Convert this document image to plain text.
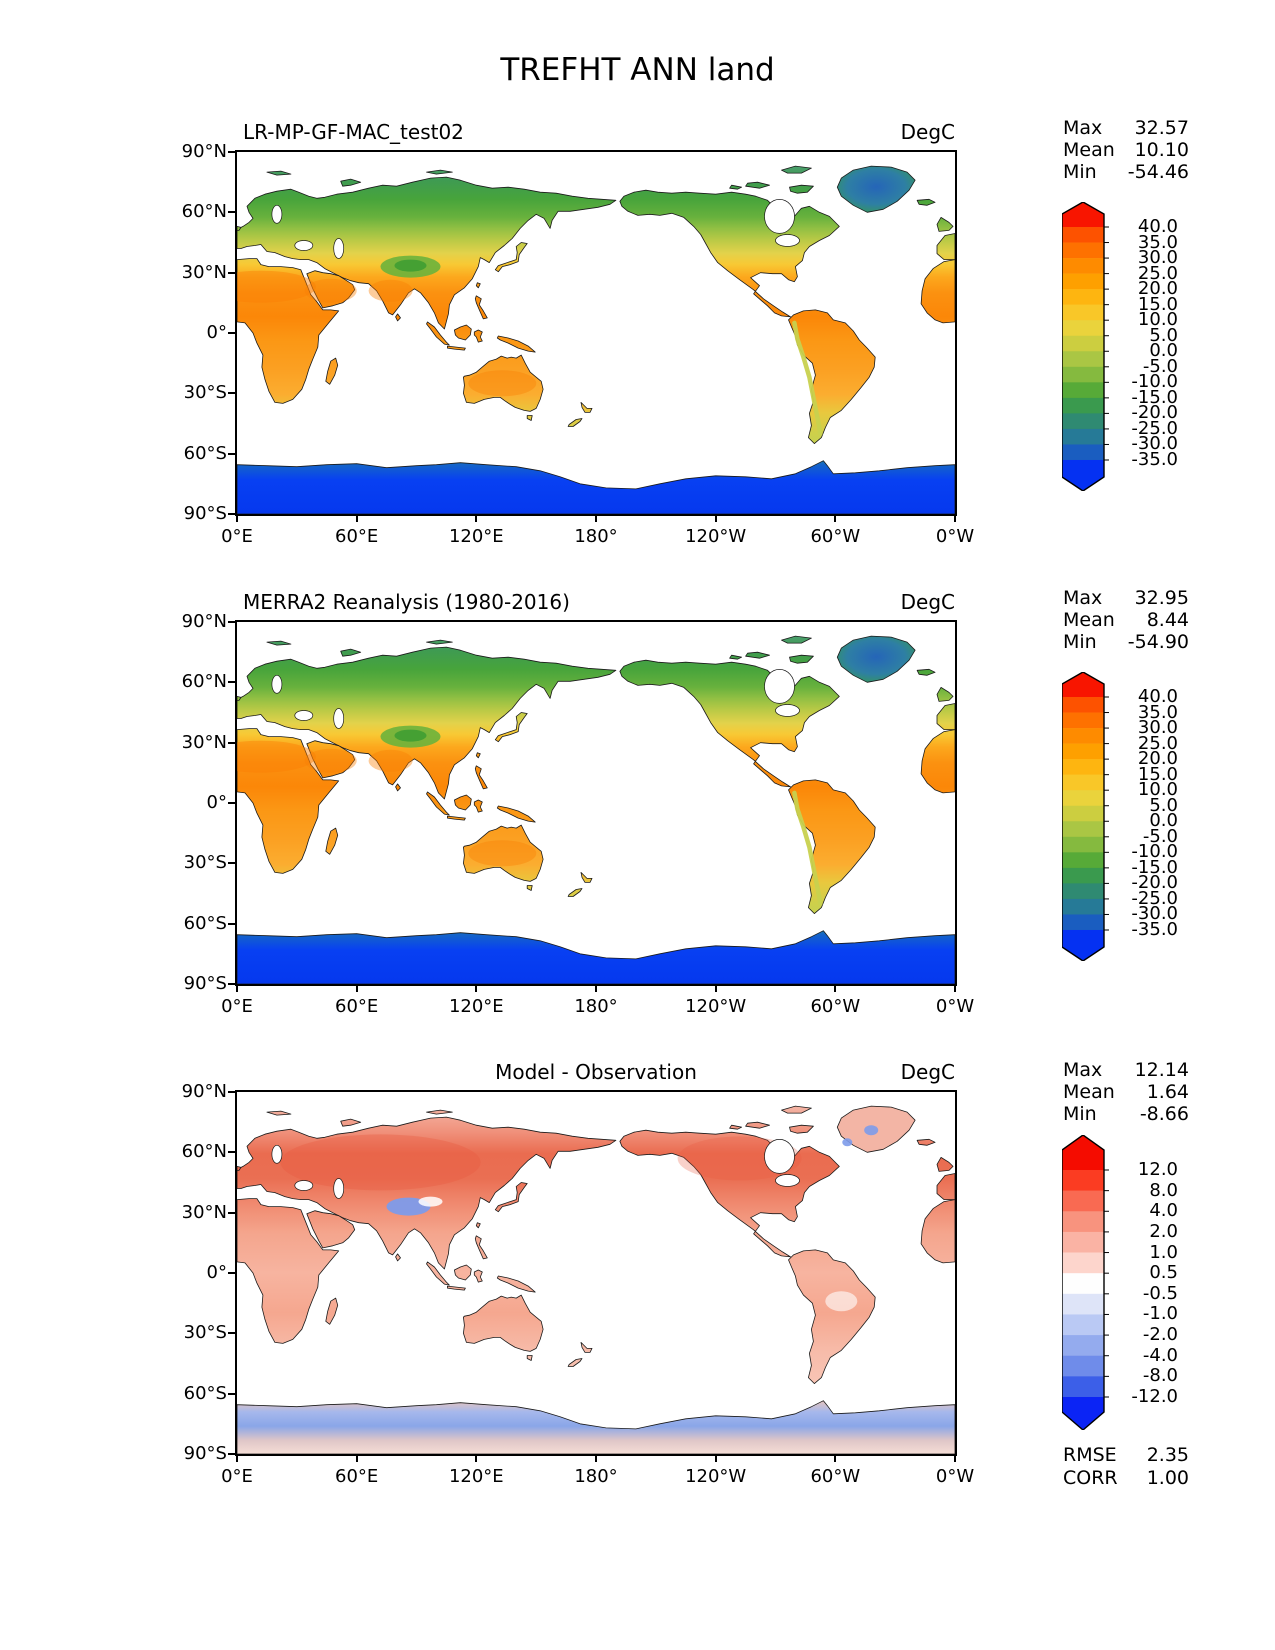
TREFHT ANN land
LR-MP-GF-MAC_test02	DegC	Max 32.57
Mean 10.10
Min -54.46
MERRA2 Reanalysis (1980-2016)	DegC	Max 32.95
Mean 8.44
Min -54.90
Model - Observation	DegC	Max 12.14
Mean 1.64
Min -8.66
RMSE 2.35
CORR 1.00
90°N
0°E
60°N
60°E
30°N
120°E
0°
180°
30°S
120°W
60°S
60°W
90°S
0°W
90°N
0°E
60°N
60°E
30°N
120°E
0°
180°
30°S
120°W
60°S
60°W
90°S
0°W
90°N
0°E
60°N
60°E
30°N
120°E
0°
180°
30°S
120°W
60°S
60°W
90°S
0°W
40.0
35.0
30.0
25.0
20.0
15.0
10.0
5.0
0.0
-5.0
-10.0
-15.0
-20.0
-25.0
-30.0
-35.0
40.0
35.0
30.0
25.0
20.0
15.0
10.0
5.0
0.0
-5.0
-10.0
-15.0
-20.0
-25.0
-30.0
-35.0
12.0
8.0
4.0
2.0
1.0
0.5
-0.5
-1.0
-2.0
-4.0
-8.0
-12.0
